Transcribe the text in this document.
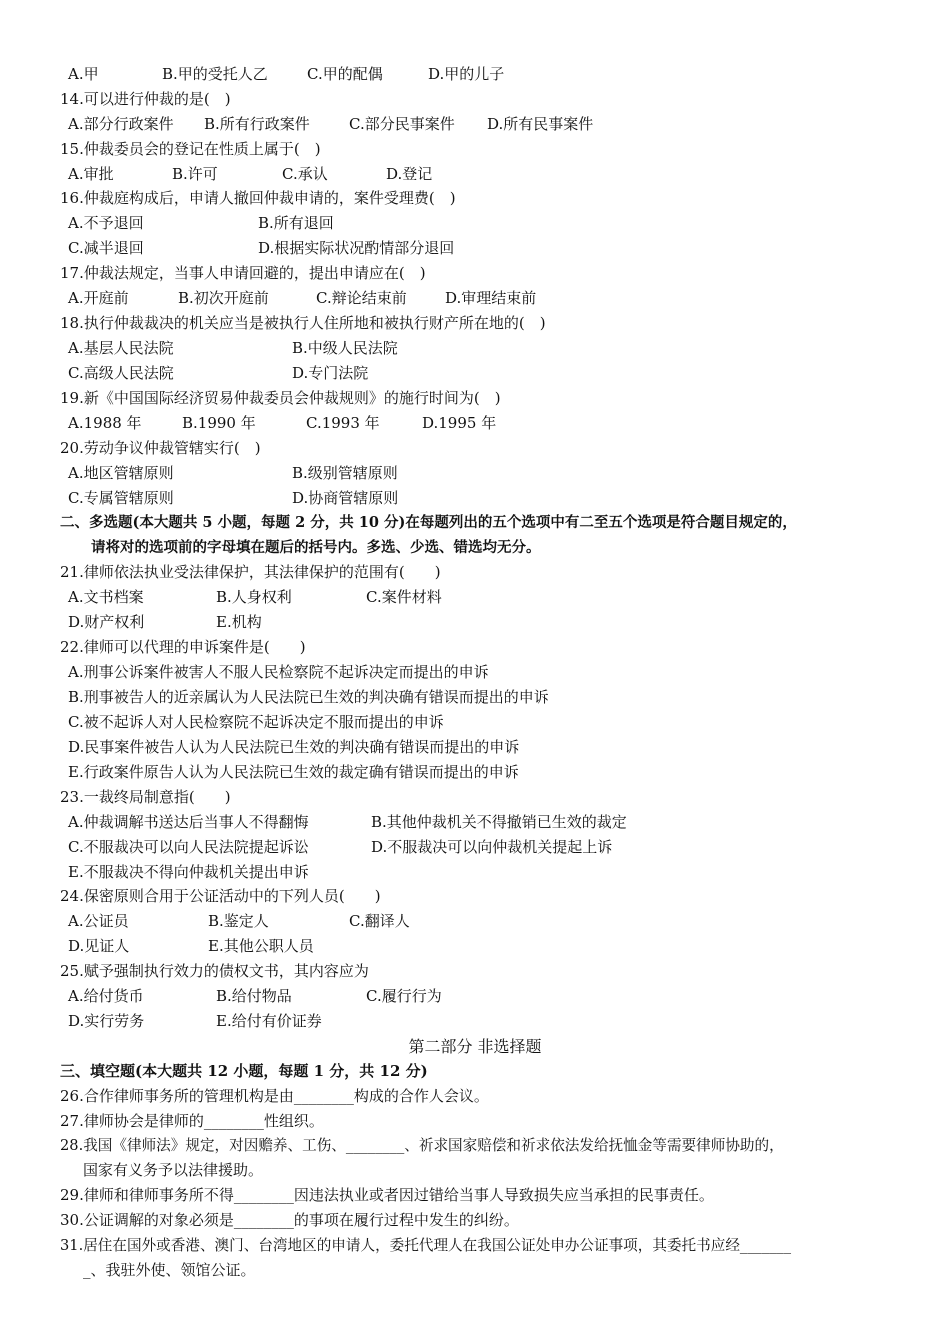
A.甲	B.甲的受托人乙	C.甲的配偶	D.甲的儿子
14.可以进行仲裁的是(　)
A.部分行政案件 B.所有行政案件	C.部分民事案件 D.所有民事案件
15.仲裁委员会的登记在性质上属于(　)
A.审批	B.许可	C.承认	D.登记
16.仲裁庭构成后，申请人撤回仲裁申请的，案件受理费(　)
A.不予退回	B.所有退回
C.减半退回	D.根据实际状况酌情部分退回
17.仲裁法规定，当事人申请回避的，提出申请应在(　)
A.开庭前	B.初次开庭前	C.辩论结束前	D.审理结束前
18.执行仲裁裁决的机关应当是被执行人住所地和被执行财产所在地的(　)
A.基层人民法院	B.中级人民法院
C.高级人民法院	D.专门法院
19.新《中国国际经济贸易仲裁委员会仲裁规则》的施行时间为(　)
A.1988 年	B.1990 年	C.1993 年	D.1995 年
20.劳动争议仲裁管辖实行(　)
A.地区管辖原则	B.级别管辖原则
C.专属管辖原则	D.协商管辖原则
二、多选题(本大题共 5 小题，每题 2 分，共 10 分)在每题列出的五个选项中有二至五个选项是符合题目规定的，
请将对的选项前的字母填在题后的括号内。多选、少选、错选均无分。
21.律师依法执业受法律保护，其法律保护的范围有(　　)
A.文书档案	B.人身权利	C.案件材料
D.财产权利	E.机构
22.律师可以代理的申诉案件是(　　)
A.刑事公诉案件被害人不服人民检察院不起诉决定而提出的申诉
B.刑事被告人的近亲属认为人民法院已生效的判决确有错误而提出的申诉
C.被不起诉人对人民检察院不起诉决定不服而提出的申诉
D.民事案件被告人认为人民法院已生效的判决确有错误而提出的申诉
E.行政案件原告人认为人民法院已生效的裁定确有错误而提出的申诉
23.一裁终局制意指(　　)
A.仲裁调解书送达后当事人不得翻悔	B.其他仲裁机关不得撤销已生效的裁定
C.不服裁决可以向人民法院提起诉讼	D.不服裁决可以向仲裁机关提起上诉
E.不服裁决不得向仲裁机关提出申诉
24.保密原则合用于公证活动中的下列人员(　　)
A.公证员	B.鉴定人	C.翻译人
D.见证人	E.其他公职人员
25.赋予强制执行效力的债权文书，其内容应为
A.给付货币	B.给付物品	C.履行行为
D.实行劳务	E.给付有价证券
第二部分 非选择题
三、填空题(本大题共 12 小题，每题 1 分，共 12 分)
26.合作律师事务所的管理机构是由________构成的合作人会议。
27.律师协会是律师的________性组织。
28.我国《律师法》规定，对因赡养、工伤、________、祈求国家赔偿和祈求依法发给抚恤金等需要律师协助的，
国家有义务予以法律援助。
29.律师和律师事务所不得________因违法执业或者因过错给当事人导致损失应当承担的民事责任。
30.公证调解的对象必须是________的事项在履行过程中发生的纠纷。
31.居住在国外或香港、澳门、台湾地区的申请人，委托代理人在我国公证处申办公证事项，其委托书应经_______
_、我驻外使、领馆公证。
